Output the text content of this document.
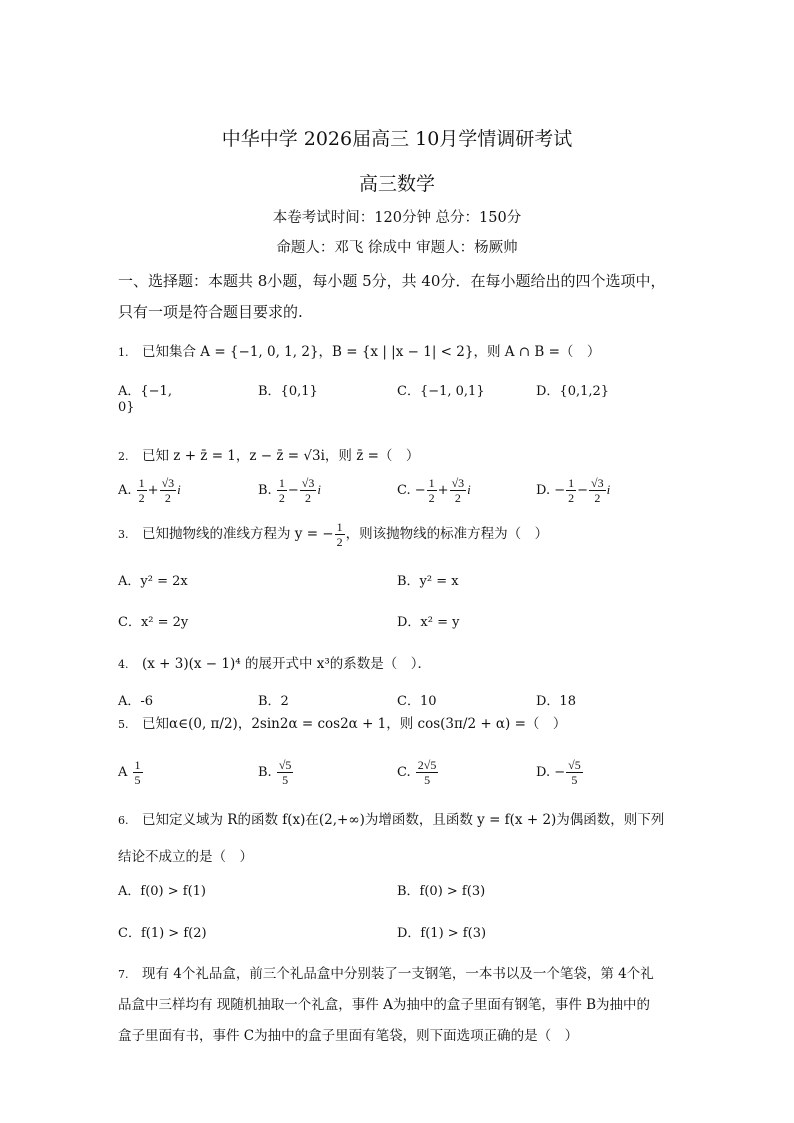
中华中学 2026届高三 10月学情调研考试
高三数学
本卷考试时间：120分钟 总分：150分
命题人：邓飞 徐成中 审题人：杨厥帅
一、选择题：本题共 8小题，每小题 5分，共 40分．在每小题给出的四个选项中，
只有一项是符合题目要求的.
1. 已知集合 A = {−1, 0, 1, 2}，B = {x | |x − 1| < 2}，则 A ∩ B =（　）
A．{−1,
0}
B．{0,1}	C．{−1, 0,1}	D．{0,1,2}
2. 已知 z + z̄ = 1，z − z̄ = √3i，则 z̄ =（　）
A. $\frac{1}{2} + \frac{√3}{2}$ i	B. $\frac{1}{2} - \frac{√3}{2}$ i	C. − $\frac{1}{2} + \frac{√3}{2}$ i	D. − $\frac{1}{2} - \frac{√3}{2}$ i
3. 已知抛物线的准线方程为 y = − $\frac{1}{2}$ ，则该抛物线的标准方程为（　）
A．y² = 2x	B．y² = x
C．x² = 2y	D．x² = y
4. (x + 3)(x − 1)⁴ 的展开式中 x³的系数是（　）．
A．-6	B．2	C．10	D．18
5. 已知α∈(0, π/2)，2sin2α = cos2α + 1，则 cos(3π/2 + α) =（　）
A $\frac{1}{5}$	B. $\frac{√5}{5}$	C. $\frac{2√5}{5}$	D. − $\frac{√5}{5}$
6. 已知定义域为 R的函数 f(x)在(2,+∞)为增函数，且函数 y = f(x + 2)为偶函数，则下列
结论不成立的是（　）
A．f(0) > f(1)	B．f(0) > f(3)
C．f(1) > f(2)	D．f(1) > f(3)
7. 现有 4个礼品盒，前三个礼品盒中分别装了一支钢笔，一本书以及一个笔袋，第 4个礼
品盒中三样均有 现随机抽取一个礼盒，事件 A为抽中的盒子里面有钢笔，事件 B为抽中的
盒子里面有书，事件 C为抽中的盒子里面有笔袋，则下面选项正确的是（　）
